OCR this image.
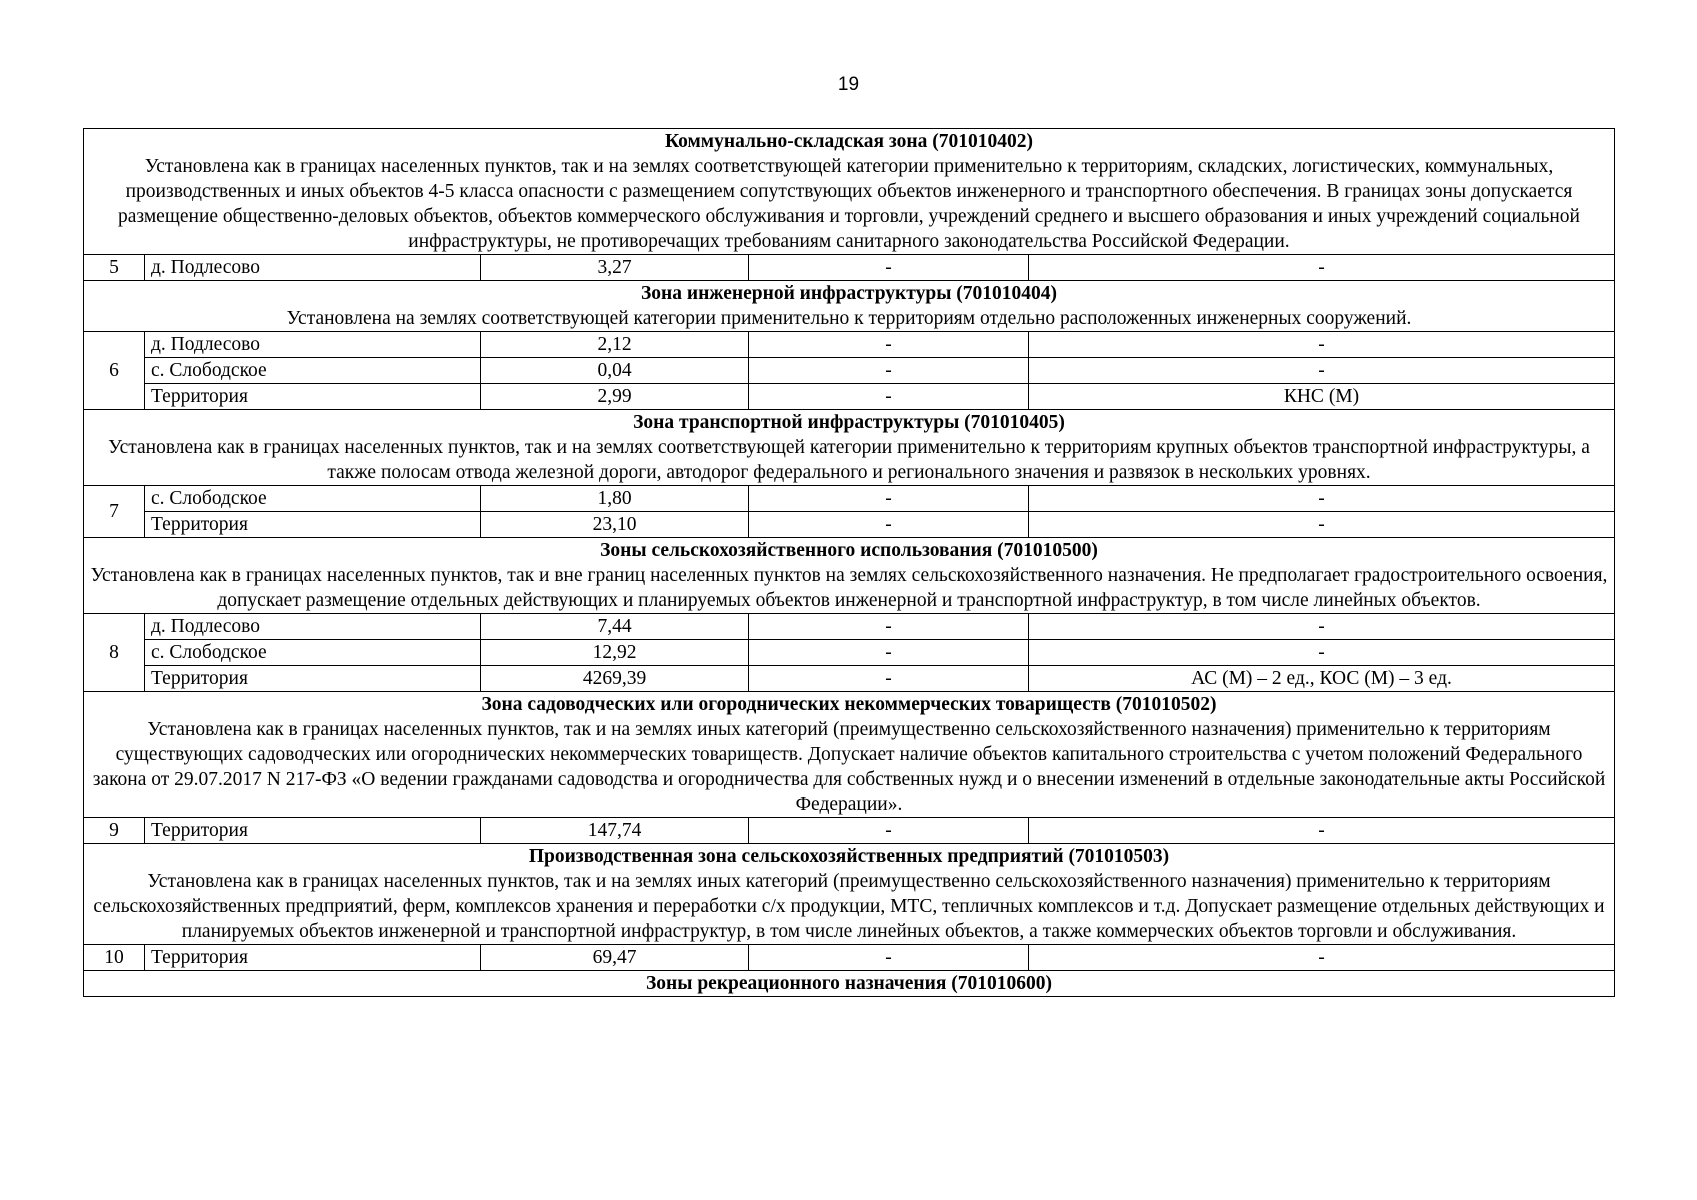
19
Коммунально-складская зона (701010402)
Установлена как в границах населенных пунктов, так и на землях соответствующей категории применительно к территориям, складских, логистических, коммунальных, производственных и иных объектов 4-5 класса опасности с размещением сопутствующих объектов инженерного и транспортного обеспечения. В границах зоны допускается размещение общественно-деловых объектов, объектов коммерческого обслуживания и торговли, учреждений среднего и высшего образования и иных учреждений социальной инфраструктуры, не противоречащих требованиям санитарного законодательства Российской Федерации.				

5	д. Подлесово	3,27	-	-

Зона инженерной инфраструктуры (701010404)
Установлена на землях соответствующей категории применительно к территориям отдельно расположенных инженерных сооружений.				

6	д. Подлесово	2,12	-	-
	с. Слободское	0,04	-	-
	Территория	2,99	-	КНС (М)

Зона транспортной инфраструктуры (701010405)
Установлена как в границах населенных пунктов, так и на землях соответствующей категории применительно к территориям крупных объектов транспортной инфраструктуры, а также полосам отвода железной дороги, автодорог федерального и регионального значения и развязок в нескольких уровнях.				

7	с. Слободское	1,80	-	-
	Территория	23,10	-	-

Зоны сельскохозяйственного использования (701010500)
Установлена как в границах населенных пунктов, так и вне границ населенных пунктов на землях сельскохозяйственного назначения. Не предполагает градостроительного освоения, допускает размещение отдельных действующих и планируемых объектов инженерной и транспортной инфраструктур, в том числе линейных объектов.				

8	д. Подлесово	7,44	-	-
	с. Слободское	12,92	-	-
	Территория	4269,39	-	АС (М) – 2 ед., КОС (М) – 3 ед.

Зона садоводческих или огороднических некоммерческих товариществ (701010502)
Установлена как в границах населенных пунктов, так и на землях иных категорий (преимущественно сельскохозяйственного назначения) применительно к территориям существующих садоводческих или огороднических некоммерческих товариществ. Допускает наличие объектов капитального строительства с учетом положений Федерального закона от 29.07.2017 N 217-ФЗ «О ведении гражданами садоводства и огородничества для собственных нужд и о внесении изменений в отдельные законодательные акты Российской Федерации».				

9	Территория	147,74	-	-

Производственная зона сельскохозяйственных предприятий (701010503)
Установлена как в границах населенных пунктов, так и на землях иных категорий (преимущественно сельскохозяйственного назначения) применительно к территориям сельскохозяйственных предприятий, ферм, комплексов хранения и переработки с/х продукции, МТС, тепличных комплексов и т.д. Допускает размещение отдельных действующих и планируемых объектов инженерной и транспортной инфраструктур, в том числе линейных объектов, а также коммерческих объектов торговли и обслуживания.				

10	Территория	69,47	-	-

Зоны рекреационного назначения (701010600)				
